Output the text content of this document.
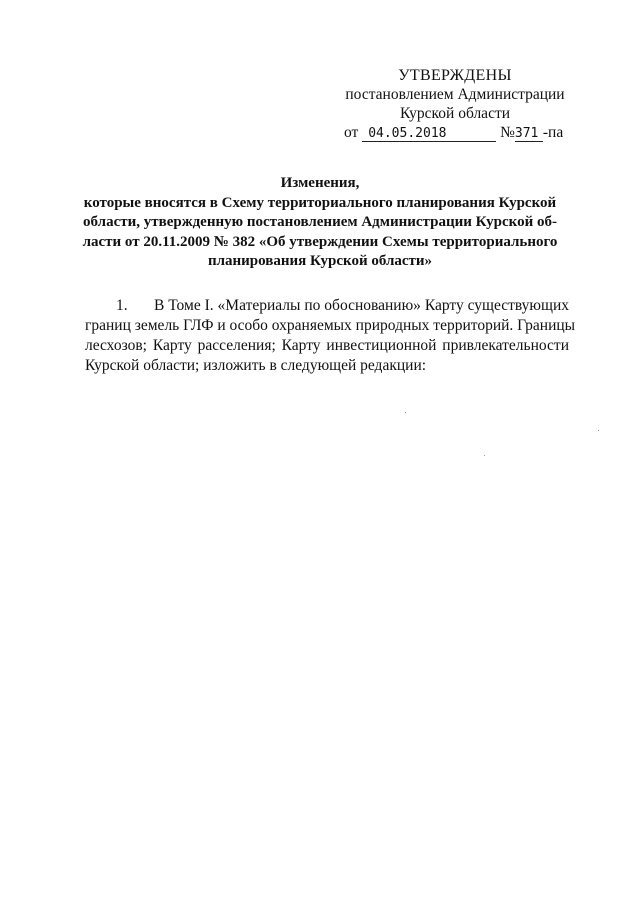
УТВЕРЖДЕНЫ
постановлением Администрации
Курской области
от 04.05.2018	№371 -па
Изменения,
которые вносятся в Схему территориального планирования Курской
области, утвержденную постановлением Администрации Курской об-
ласти от 20.11.2009 № 382 «Об утверждении Схемы территориального
планирования Курской области»
1.	В Томе I. «Материалы по обоснованию» Карту существующих
границ земель ГЛФ и особо охраняемых природных территорий. Границы
лесхозов; Карту расселения; Карту инвестиционной привлекательности
Курской области; изложить в следующей редакции:
